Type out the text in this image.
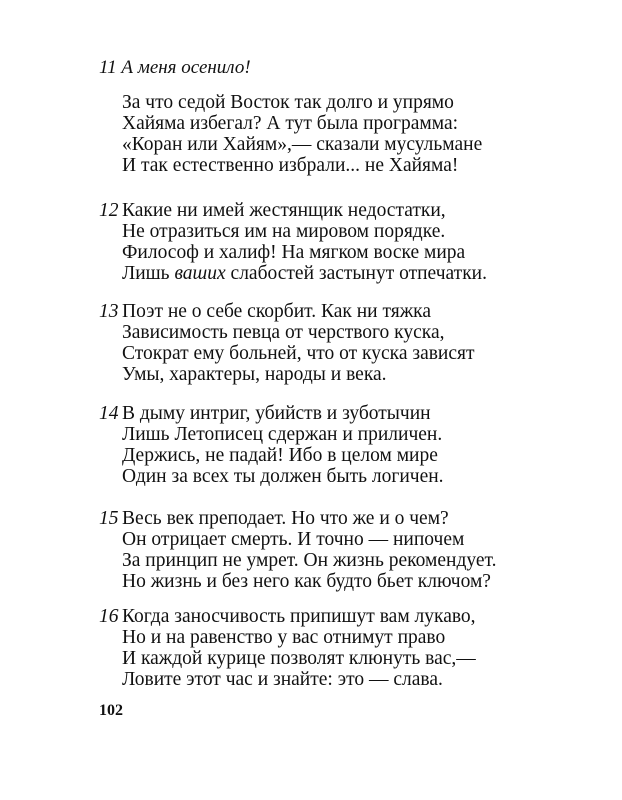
11 А меня осенило!
За что седой Восток так долго и упрямо
Хайяма избегал? А тут была программа:
«Коран или Хайям»,— сказали мусульмане
И так естественно избрали... не Хайяма!
12 Какие ни имей жестянщик недостатки,
Не отразиться им на мировом порядке.
Философ и халиф! На мягком воске мира
Лишь ваших слабостей застынут отпечатки.
13 Поэт не о себе скорбит. Как ни тяжка
Зависимость певца от черствого куска,
Стократ ему больней, что от куска зависят
Умы, характеры, народы и века.
14 В дыму интриг, убийств и зуботычин
Лишь Летописец сдержан и приличен.
Держись, не падай! Ибо в целом мире
Один за всех ты должен быть логичен.
15 Весь век преподает. Но что же и о чем?
Он отрицает смерть. И точно — нипочем
За принцип не умрет. Он жизнь рекомендует.
Но жизнь и без него как будто бьет ключом?
16 Когда заносчивость припишут вам лукаво,
Но и на равенство у вас отнимут право
И каждой курице позволят клюнуть вас,—
Ловите этот час и знайте: это — слава.
102
